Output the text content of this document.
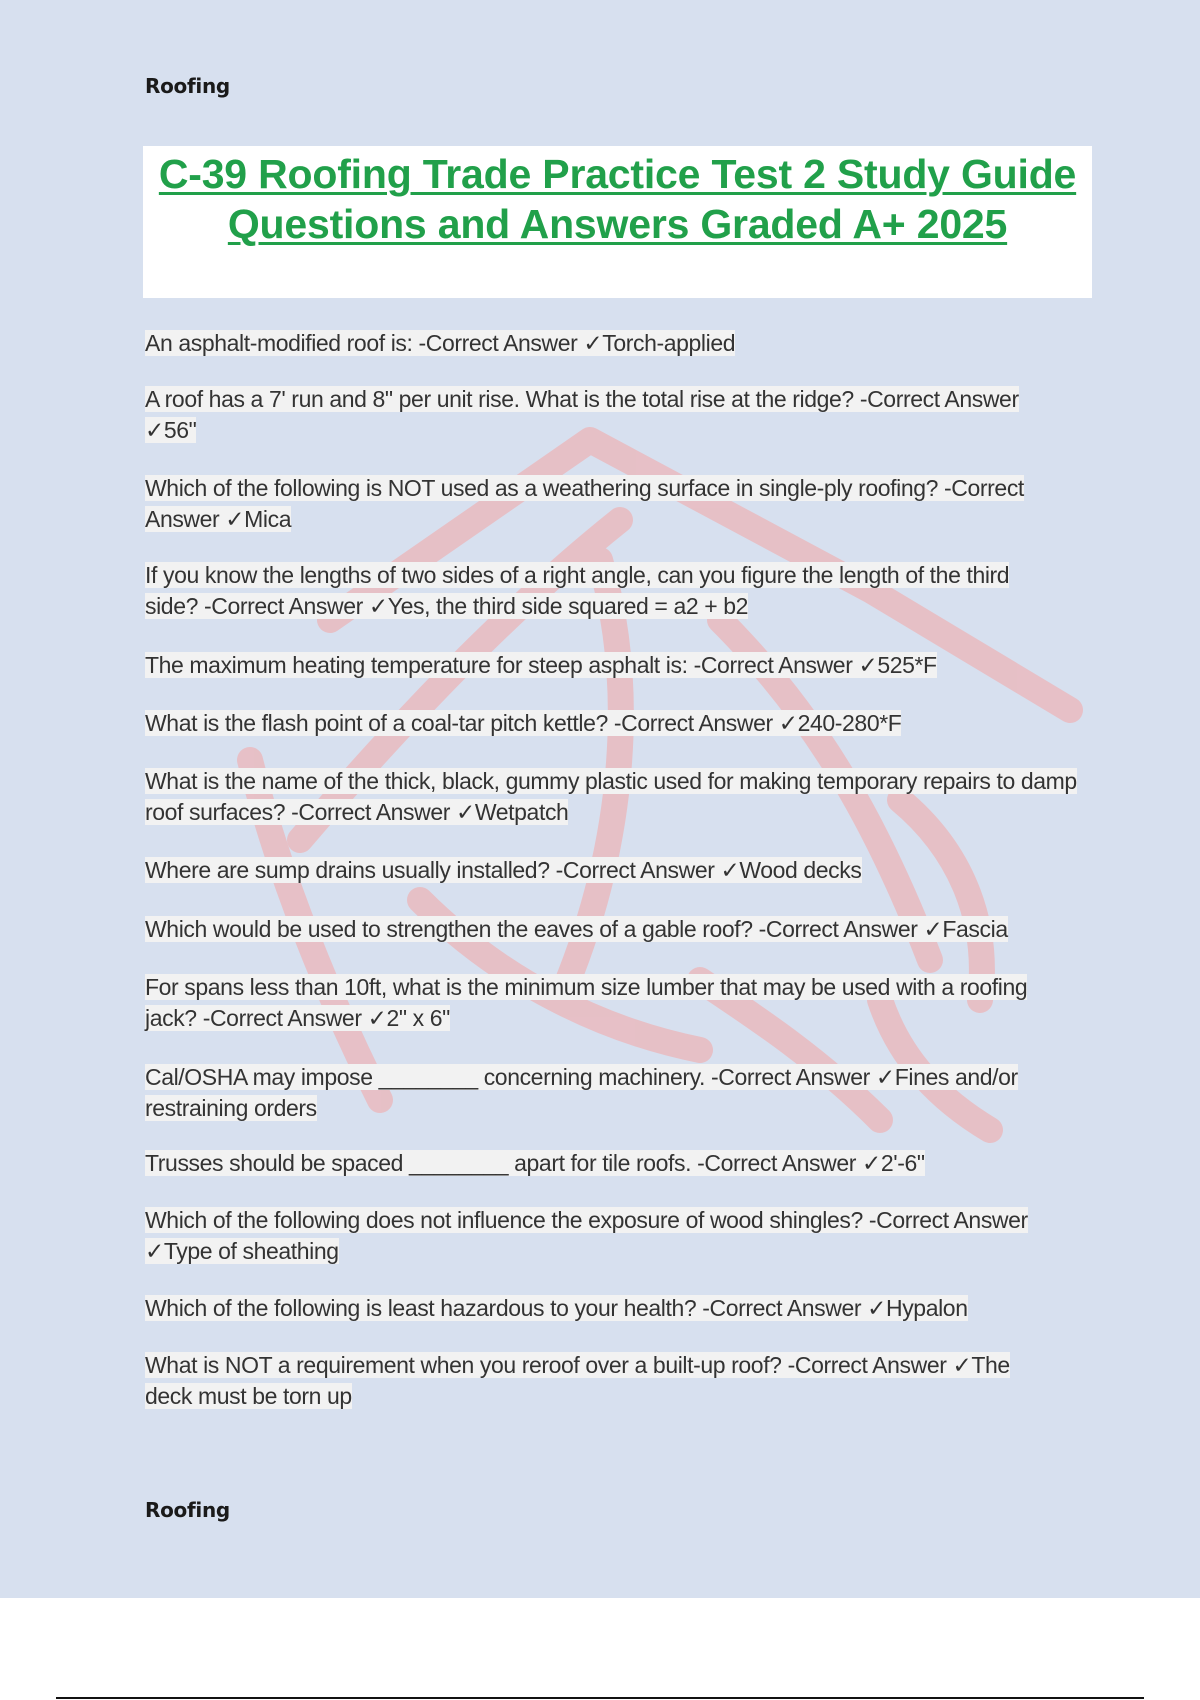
Roofing
C-39 Roofing Trade Practice Test 2 Study Guide Questions and Answers Graded A+ 2025
An asphalt-modified roof is: -Correct Answer ✓Torch-applied
A roof has a 7' run and 8" per unit rise. What is the total rise at the ridge? -Correct Answer ✓56"
Which of the following is NOT used as a weathering surface in single-ply roofing? -Correct Answer ✓Mica
If you know the lengths of two sides of a right angle, can you figure the length of the third side? -Correct Answer ✓Yes, the third side squared = a2 + b2
The maximum heating temperature for steep asphalt is: -Correct Answer ✓525*F
What is the flash point of a coal-tar pitch kettle? -Correct Answer ✓240-280*F
What is the name of the thick, black, gummy plastic used for making temporary repairs to damp roof surfaces? -Correct Answer ✓Wetpatch
Where are sump drains usually installed? -Correct Answer ✓Wood decks
Which would be used to strengthen the eaves of a gable roof? -Correct Answer ✓Fascia
For spans less than 10ft, what is the minimum size lumber that may be used with a roofing jack? -Correct Answer ✓2" x 6"
Cal/OSHA may impose ________ concerning machinery. -Correct Answer ✓Fines and/or restraining orders
Trusses should be spaced ________ apart for tile roofs. -Correct Answer ✓2'-6"
Which of the following does not influence the exposure of wood shingles? -Correct Answer ✓Type of sheathing
Which of the following is least hazardous to your health? -Correct Answer ✓Hypalon
What is NOT a requirement when you reroof over a built-up roof? -Correct Answer ✓The deck must be torn up
Roofing
